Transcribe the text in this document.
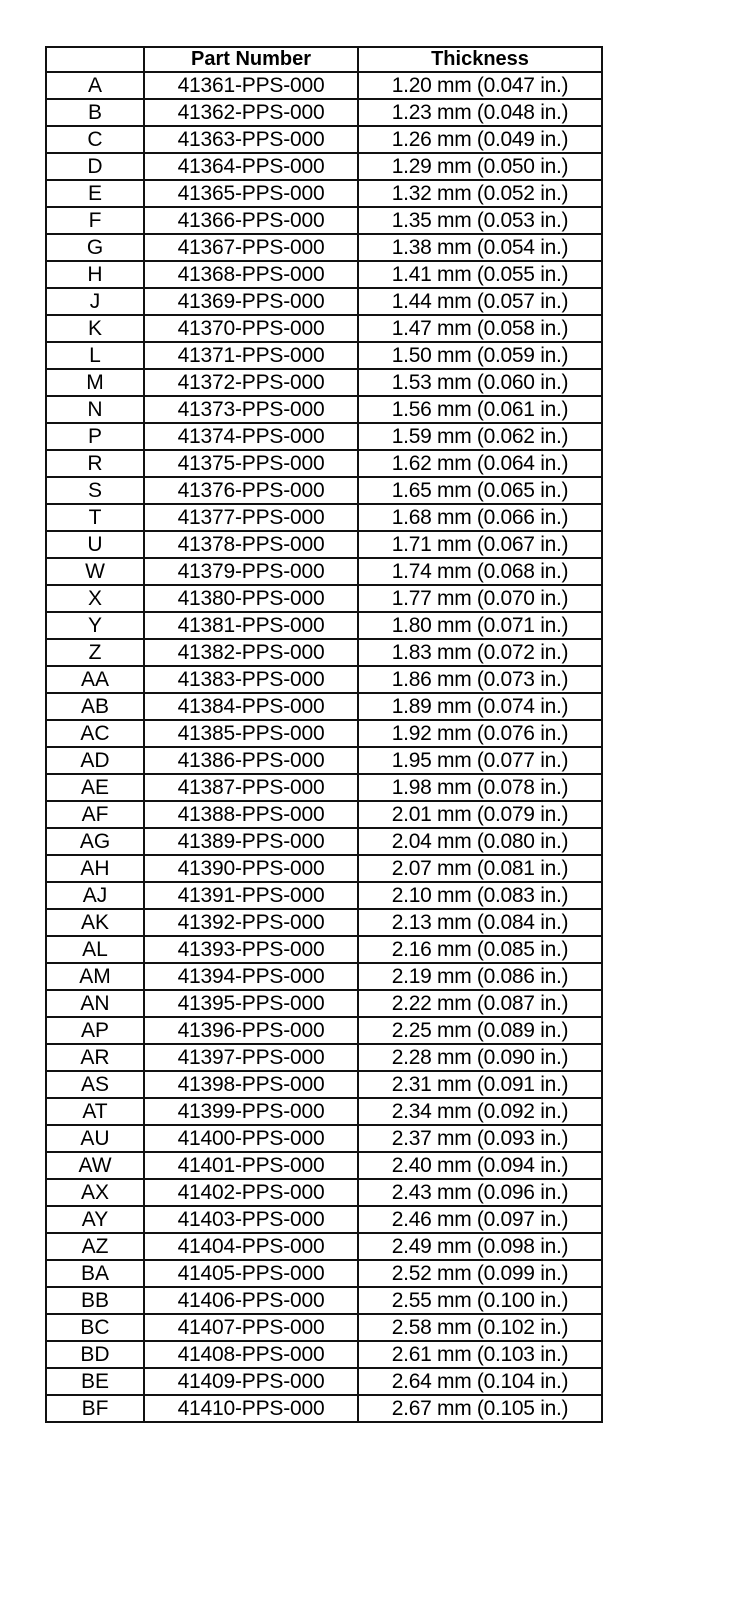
	Part Number	Thickness
A	41361-PPS-000	1.20 mm (0.047 in.)
B	41362-PPS-000	1.23 mm (0.048 in.)
C	41363-PPS-000	1.26 mm (0.049 in.)
D	41364-PPS-000	1.29 mm (0.050 in.)
E	41365-PPS-000	1.32 mm (0.052 in.)
F	41366-PPS-000	1.35 mm (0.053 in.)
G	41367-PPS-000	1.38 mm (0.054 in.)
H	41368-PPS-000	1.41 mm (0.055 in.)
J	41369-PPS-000	1.44 mm (0.057 in.)
K	41370-PPS-000	1.47 mm (0.058 in.)
L	41371-PPS-000	1.50 mm (0.059 in.)
M	41372-PPS-000	1.53 mm (0.060 in.)
N	41373-PPS-000	1.56 mm (0.061 in.)
P	41374-PPS-000	1.59 mm (0.062 in.)
R	41375-PPS-000	1.62 mm (0.064 in.)
S	41376-PPS-000	1.65 mm (0.065 in.)
T	41377-PPS-000	1.68 mm (0.066 in.)
U	41378-PPS-000	1.71 mm (0.067 in.)
W	41379-PPS-000	1.74 mm (0.068 in.)
X	41380-PPS-000	1.77 mm (0.070 in.)
Y	41381-PPS-000	1.80 mm (0.071 in.)
Z	41382-PPS-000	1.83 mm (0.072 in.)
AA	41383-PPS-000	1.86 mm (0.073 in.)
AB	41384-PPS-000	1.89 mm (0.074 in.)
AC	41385-PPS-000	1.92 mm (0.076 in.)
AD	41386-PPS-000	1.95 mm (0.077 in.)
AE	41387-PPS-000	1.98 mm (0.078 in.)
AF	41388-PPS-000	2.01 mm (0.079 in.)
AG	41389-PPS-000	2.04 mm (0.080 in.)
AH	41390-PPS-000	2.07 mm (0.081 in.)
AJ	41391-PPS-000	2.10 mm (0.083 in.)
AK	41392-PPS-000	2.13 mm (0.084 in.)
AL	41393-PPS-000	2.16 mm (0.085 in.)
AM	41394-PPS-000	2.19 mm (0.086 in.)
AN	41395-PPS-000	2.22 mm (0.087 in.)
AP	41396-PPS-000	2.25 mm (0.089 in.)
AR	41397-PPS-000	2.28 mm (0.090 in.)
AS	41398-PPS-000	2.31 mm (0.091 in.)
AT	41399-PPS-000	2.34 mm (0.092 in.)
AU	41400-PPS-000	2.37 mm (0.093 in.)
AW	41401-PPS-000	2.40 mm (0.094 in.)
AX	41402-PPS-000	2.43 mm (0.096 in.)
AY	41403-PPS-000	2.46 mm (0.097 in.)
AZ	41404-PPS-000	2.49 mm (0.098 in.)
BA	41405-PPS-000	2.52 mm (0.099 in.)
BB	41406-PPS-000	2.55 mm (0.100 in.)
BC	41407-PPS-000	2.58 mm (0.102 in.)
BD	41408-PPS-000	2.61 mm (0.103 in.)
BE	41409-PPS-000	2.64 mm (0.104 in.)
BF	41410-PPS-000	2.67 mm (0.105 in.)
